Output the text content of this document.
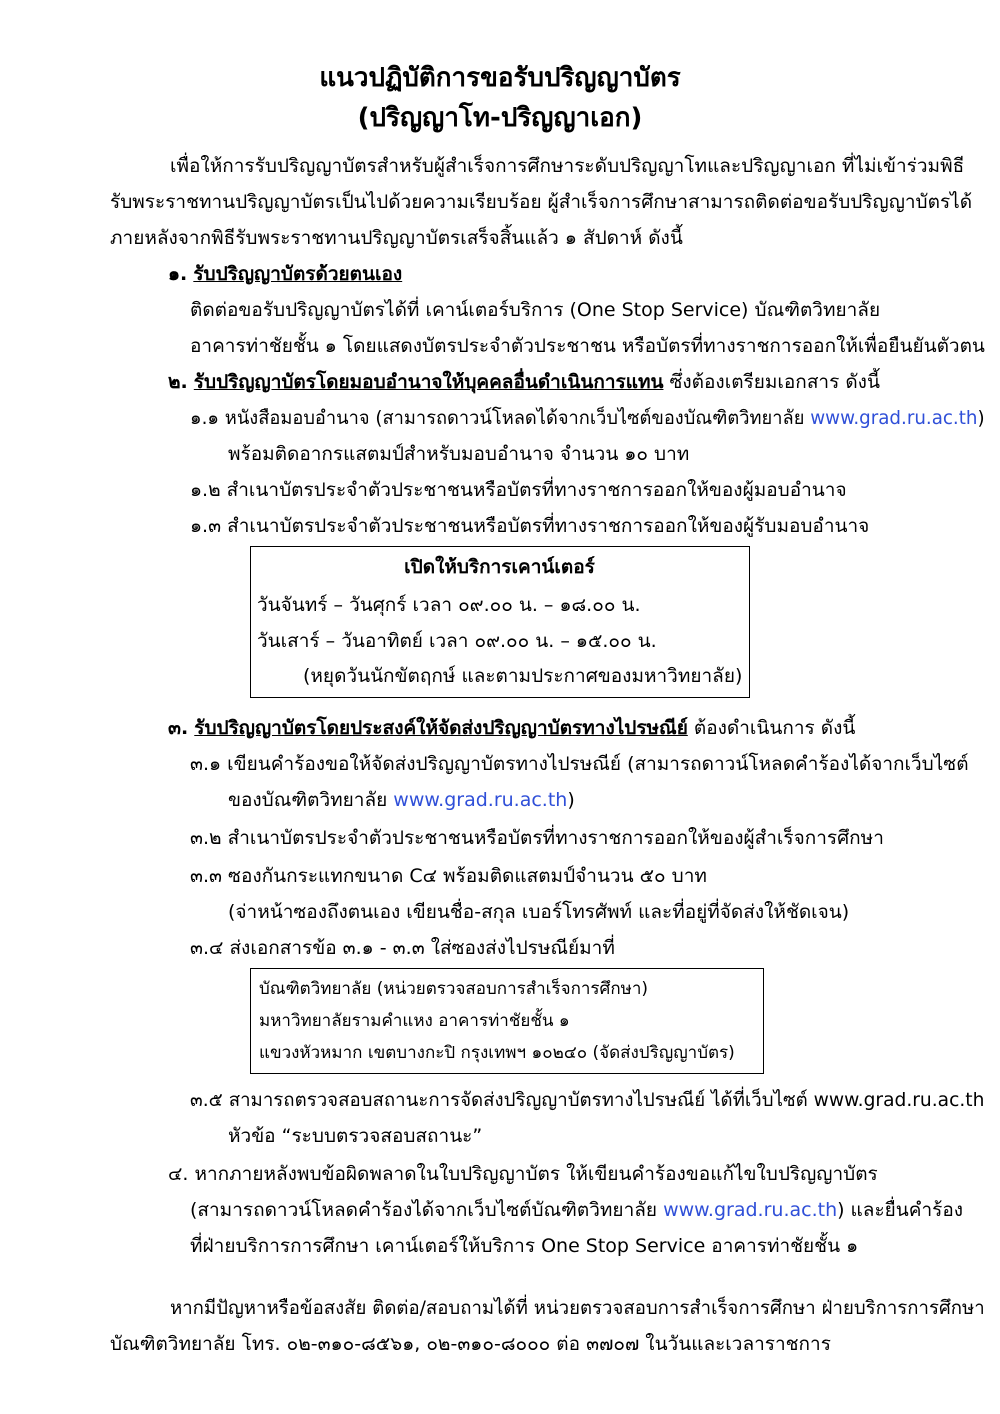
แนวปฏิบัติการขอรับปริญญาบัตร
(ปริญญาโท-ปริญญาเอก)
เพื่อให้การรับปริญญาบัตรสำหรับผู้สำเร็จการศึกษาระดับปริญญาโทและปริญญาเอก ที่ไม่เข้าร่วมพิธี
รับพระราชทานปริญญาบัตรเป็นไปด้วยความเรียบร้อย ผู้สำเร็จการศึกษาสามารถติดต่อขอรับปริญญาบัตรได้
ภายหลังจากพิธีรับพระราชทานปริญญาบัตรเสร็จสิ้นแล้ว ๑ สัปดาห์ ดังนี้
๑. รับปริญญาบัตรด้วยตนเอง
ติดต่อขอรับปริญญาบัตรได้ที่ เคาน์เตอร์บริการ (One Stop Service) บัณฑิตวิทยาลัย
อาคารท่าชัยชั้น ๑ โดยแสดงบัตรประจำตัวประชาชน หรือบัตรที่ทางราชการออกให้เพื่อยืนยันตัวตน
๒. รับปริญญาบัตรโดยมอบอำนาจให้บุคคลอื่นดำเนินการแทน ซึ่งต้องเตรียมเอกสาร ดังนี้
๑.๑ หนังสือมอบอำนาจ (สามารถดาวน์โหลดได้จากเว็บไซต์ของบัณฑิตวิทยาลัย www.grad.ru.ac.th)
พร้อมติดอากรแสตมป์สำหรับมอบอำนาจ จำนวน ๑๐ บาท
๑.๒ สำเนาบัตรประจำตัวประชาชนหรือบัตรที่ทางราชการออกให้ของผู้มอบอำนาจ
๑.๓ สำเนาบัตรประจำตัวประชาชนหรือบัตรที่ทางราชการออกให้ของผู้รับมอบอำนาจ
เปิดให้บริการเคาน์เตอร์
วันจันทร์ – วันศุกร์ เวลา ๐๙.๐๐ น. – ๑๘.๐๐ น.
วันเสาร์ – วันอาทิตย์ เวลา ๐๙.๐๐ น. – ๑๕.๐๐ น.
(หยุดวันนักขัตฤกษ์ และตามประกาศของมหาวิทยาลัย)
๓. รับปริญญาบัตรโดยประสงค์ให้จัดส่งปริญญาบัตรทางไปรษณีย์ ต้องดำเนินการ ดังนี้
๓.๑ เขียนคำร้องขอให้จัดส่งปริญญาบัตรทางไปรษณีย์ (สามารถดาวน์โหลดคำร้องได้จากเว็บไซต์
ของบัณฑิตวิทยาลัย www.grad.ru.ac.th)
๓.๒ สำเนาบัตรประจำตัวประชาชนหรือบัตรที่ทางราชการออกให้ของผู้สำเร็จการศึกษา
๓.๓ ซองกันกระแทกขนาด C๔ พร้อมติดแสตมป์จำนวน ๕๐ บาท
(จ่าหน้าซองถึงตนเอง เขียนชื่อ-สกุล เบอร์โทรศัพท์ และที่อยู่ที่จัดส่งให้ชัดเจน)
๓.๔ ส่งเอกสารข้อ ๓.๑ - ๓.๓ ใส่ซองส่งไปรษณีย์มาที่
บัณฑิตวิทยาลัย (หน่วยตรวจสอบการสำเร็จการศึกษา)
มหาวิทยาลัยรามคำแหง อาคารท่าชัยชั้น ๑
แขวงหัวหมาก เขตบางกะปิ กรุงเทพฯ ๑๐๒๔๐ (จัดส่งปริญญาบัตร)
๓.๕ สามารถตรวจสอบสถานะการจัดส่งปริญญาบัตรทางไปรษณีย์ ได้ที่เว็บไซต์ www.grad.ru.ac.th
หัวข้อ “ระบบตรวจสอบสถานะ”
๔. หากภายหลังพบข้อผิดพลาดในใบปริญญาบัตร ให้เขียนคำร้องขอแก้ไขใบปริญญาบัตร
(สามารถดาวน์โหลดคำร้องได้จากเว็บไซต์บัณฑิตวิทยาลัย www.grad.ru.ac.th) และยื่นคำร้อง
ที่ฝ่ายบริการการศึกษา เคาน์เตอร์ให้บริการ One Stop Service อาคารท่าชัยชั้น ๑
หากมีปัญหาหรือข้อสงสัย ติดต่อ/สอบถามได้ที่ หน่วยตรวจสอบการสำเร็จการศึกษา ฝ่ายบริการการศึกษา
บัณฑิตวิทยาลัย โทร. ๐๒-๓๑๐-๘๕๖๑, ๐๒-๓๑๐-๘๐๐๐ ต่อ ๓๗๐๗ ในวันและเวลาราชการ
